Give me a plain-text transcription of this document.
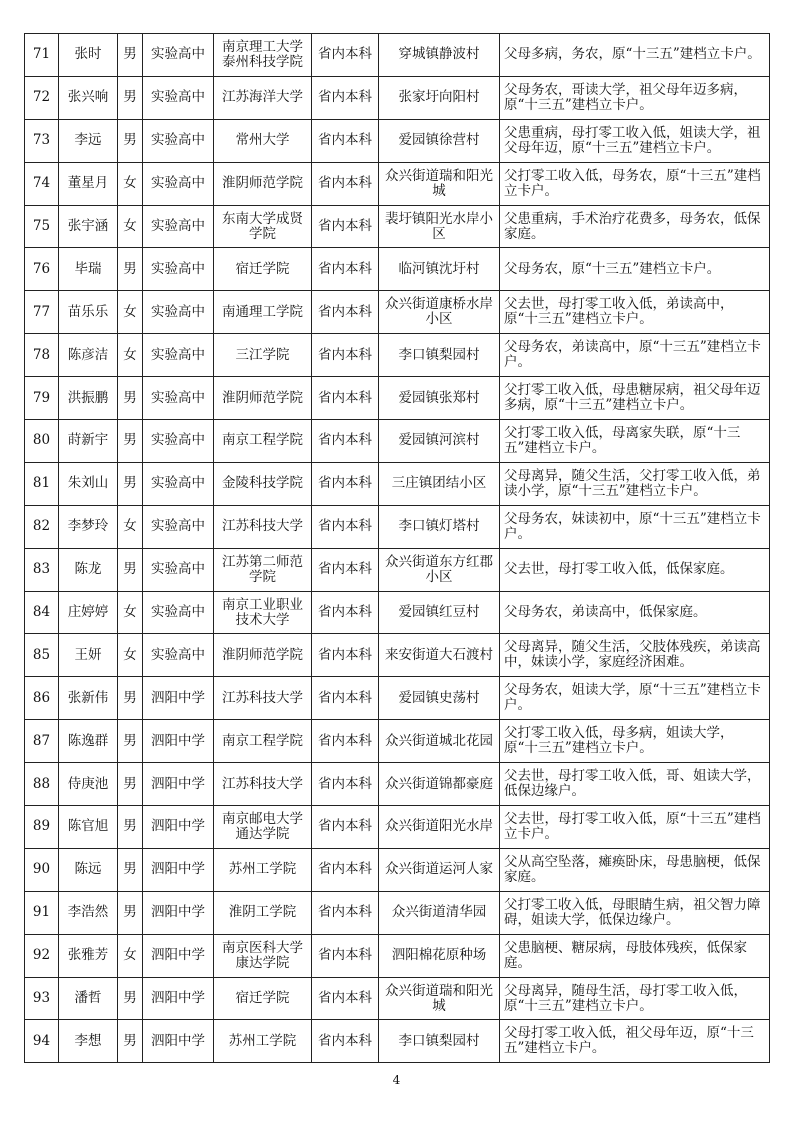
71	张时	男	实验高中	南京理工大学泰州科技学院	省内本科	穿城镇静波村	父母多病，务农，原“十三五”建档立卡户。
72	张兴响	男	实验高中	江苏海洋大学	省内本科	张家圩向阳村	父母务农，哥读大学，祖父母年迈多病，原“十三五”建档立卡户。
73	李远	男	实验高中	常州大学	省内本科	爱园镇徐营村	父患重病，母打零工收入低，姐读大学，祖父母年迈，原“十三五”建档立卡户。
74	董星月	女	实验高中	淮阴师范学院	省内本科	众兴街道瑞和阳光城	父打零工收入低，母务农，原“十三五”建档立卡户。
75	张宇涵	女	实验高中	东南大学成贤学院	省内本科	裴圩镇阳光水岸小区	父患重病，手术治疗花费多，母务农，低保家庭。
76	毕瑞	男	实验高中	宿迁学院	省内本科	临河镇沈圩村	父母务农，原“十三五”建档立卡户。
77	苗乐乐	女	实验高中	南通理工学院	省内本科	众兴街道康桥水岸小区	父去世，母打零工收入低，弟读高中，原“十三五”建档立卡户。
78	陈彦洁	女	实验高中	三江学院	省内本科	李口镇梨园村	父母务农，弟读高中，原“十三五”建档立卡户。
79	洪振鹏	男	实验高中	淮阴师范学院	省内本科	爱园镇张郑村	父打零工收入低，母患糖尿病，祖父母年迈多病，原“十三五”建档立卡户。
80	莳新宇	男	实验高中	南京工程学院	省内本科	爱园镇河滨村	父打零工收入低，母离家失联，原“十三五”建档立卡户。
81	朱刘山	男	实验高中	金陵科技学院	省内本科	三庄镇团结小区	父母离异，随父生活，父打零工收入低，弟读小学，原“十三五”建档立卡户。
82	李梦玲	女	实验高中	江苏科技大学	省内本科	李口镇灯塔村	父母务农，妹读初中，原“十三五”建档立卡户。
83	陈龙	男	实验高中	江苏第二师范学院	省内本科	众兴街道东方红郡小区	父去世，母打零工收入低，低保家庭。
84	庄婷婷	女	实验高中	南京工业职业技术大学	省内本科	爱园镇红豆村	父母务农，弟读高中，低保家庭。
85	王妍	女	实验高中	淮阴师范学院	省内本科	来安街道大石渡村	父母离异，随父生活，父肢体残疾，弟读高中，妹读小学，家庭经济困难。
86	张新伟	男	泗阳中学	江苏科技大学	省内本科	爱园镇史荡村	父母务农，姐读大学，原“十三五”建档立卡户。
87	陈逸群	男	泗阳中学	南京工程学院	省内本科	众兴街道城北花园	父打零工收入低，母多病，姐读大学，原“十三五”建档立卡户。
88	侍庚池	男	泗阳中学	江苏科技大学	省内本科	众兴街道锦都豪庭	父去世，母打零工收入低，哥、姐读大学，低保边缘户。
89	陈官旭	男	泗阳中学	南京邮电大学通达学院	省内本科	众兴街道阳光水岸	父去世，母打零工收入低，原“十三五”建档立卡户。
90	陈远	男	泗阳中学	苏州工学院	省内本科	众兴街道运河人家	父从高空坠落，瘫痪卧床，母患脑梗，低保家庭。
91	李浩然	男	泗阳中学	淮阴工学院	省内本科	众兴街道清华园	父打零工收入低，母眼睛生病，祖父智力障碍，姐读大学，低保边缘户。
92	张雅芳	女	泗阳中学	南京医科大学康达学院	省内本科	泗阳棉花原种场	父患脑梗、糖尿病，母肢体残疾，低保家庭。
93	潘哲	男	泗阳中学	宿迁学院	省内本科	众兴街道瑞和阳光城	父母离异，随母生活，母打零工收入低，原“十三五”建档立卡户。
94	李想	男	泗阳中学	苏州工学院	省内本科	李口镇梨园村	父母打零工收入低，祖父母年迈，原“十三五”建档立卡户。
4
